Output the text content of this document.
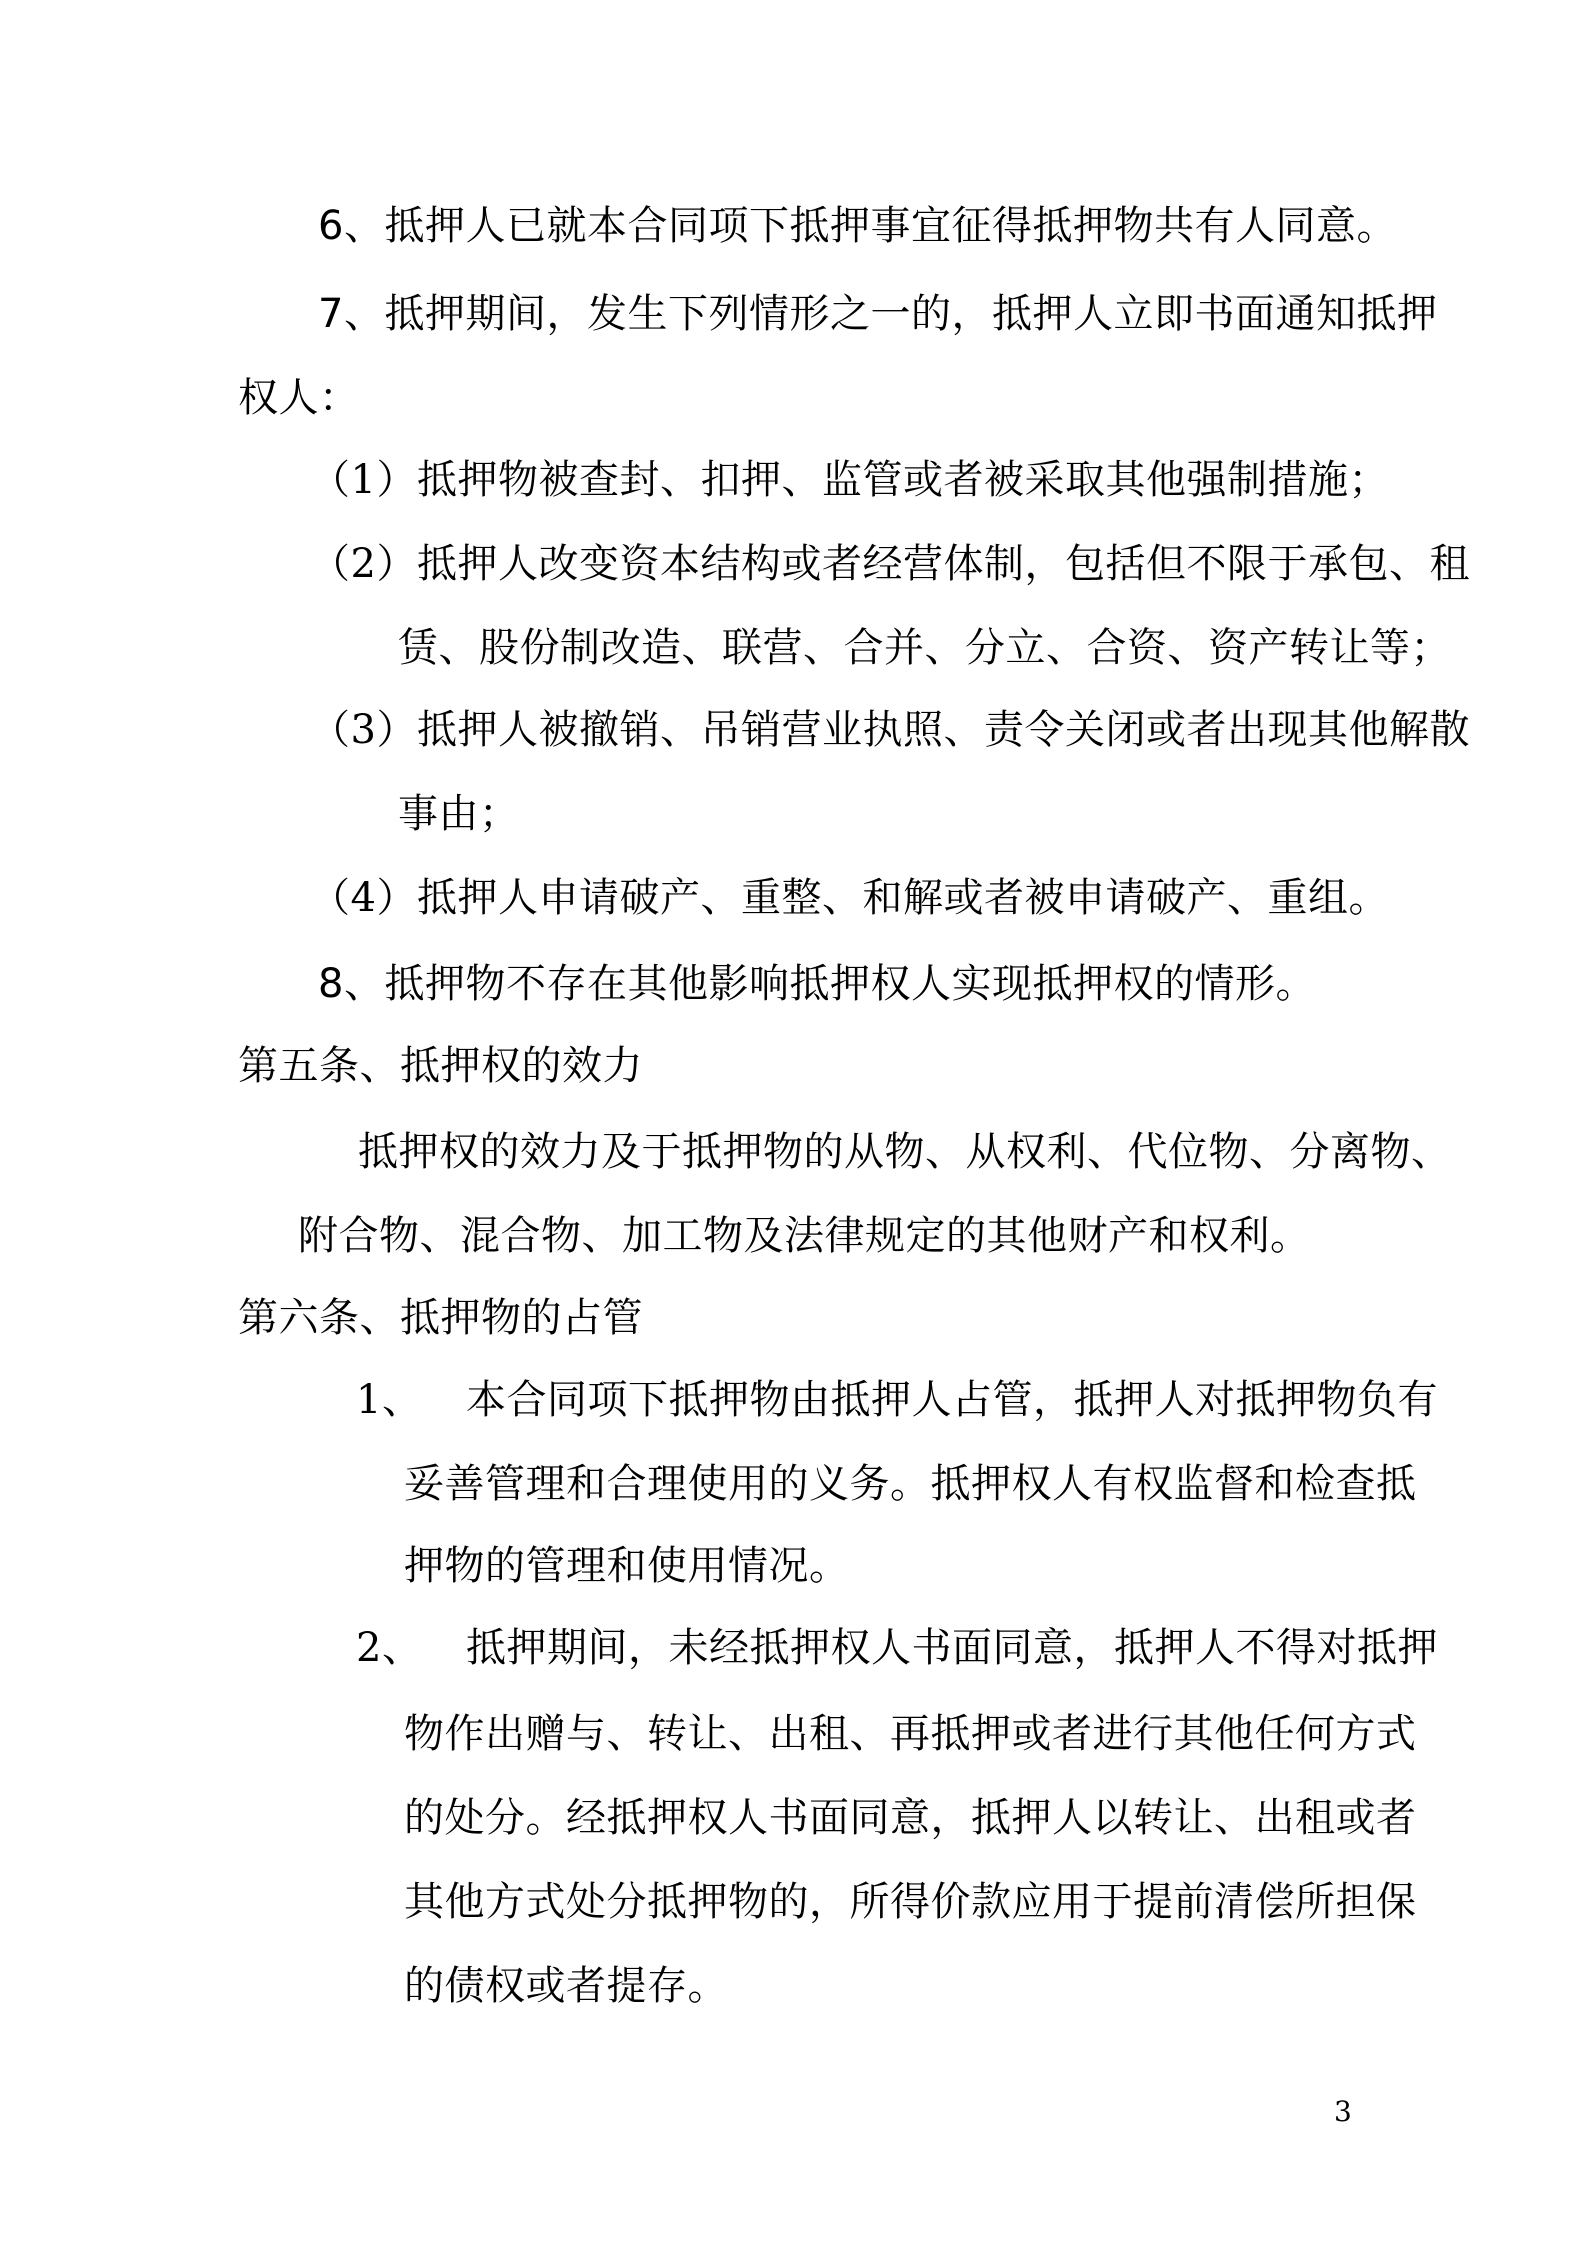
6、抵押人已就本合同项下抵押事宜征得抵押物共有人同意。
7、抵押期间，发生下列情形之一的，抵押人立即书面通知抵押
权人：
（1）抵押物被查封、扣押、监管或者被采取其他强制措施；
（2）抵押人改变资本结构或者经营体制，包括但不限于承包、租
赁、股份制改造、联营、合并、分立、合资、资产转让等；
（3）抵押人被撤销、吊销营业执照、责令关闭或者出现其他解散
事由；
（4）抵押人申请破产、重整、和解或者被申请破产、重组。
8、抵押物不存在其他影响抵押权人实现抵押权的情形。
第五条、抵押权的效力
抵押权的效力及于抵押物的从物、从权利、代位物、分离物、
附合物、混合物、加工物及法律规定的其他财产和权利。
第六条、抵押物的占管
1、 本合同项下抵押物由抵押人占管，抵押人对抵押物负有
妥善管理和合理使用的义务。抵押权人有权监督和检查抵
押物的管理和使用情况。
2、 抵押期间，未经抵押权人书面同意，抵押人不得对抵押
物作出赠与、转让、出租、再抵押或者进行其他任何方式
的处分。经抵押权人书面同意，抵押人以转让、出租或者
其他方式处分抵押物的，所得价款应用于提前清偿所担保
的债权或者提存。
3
